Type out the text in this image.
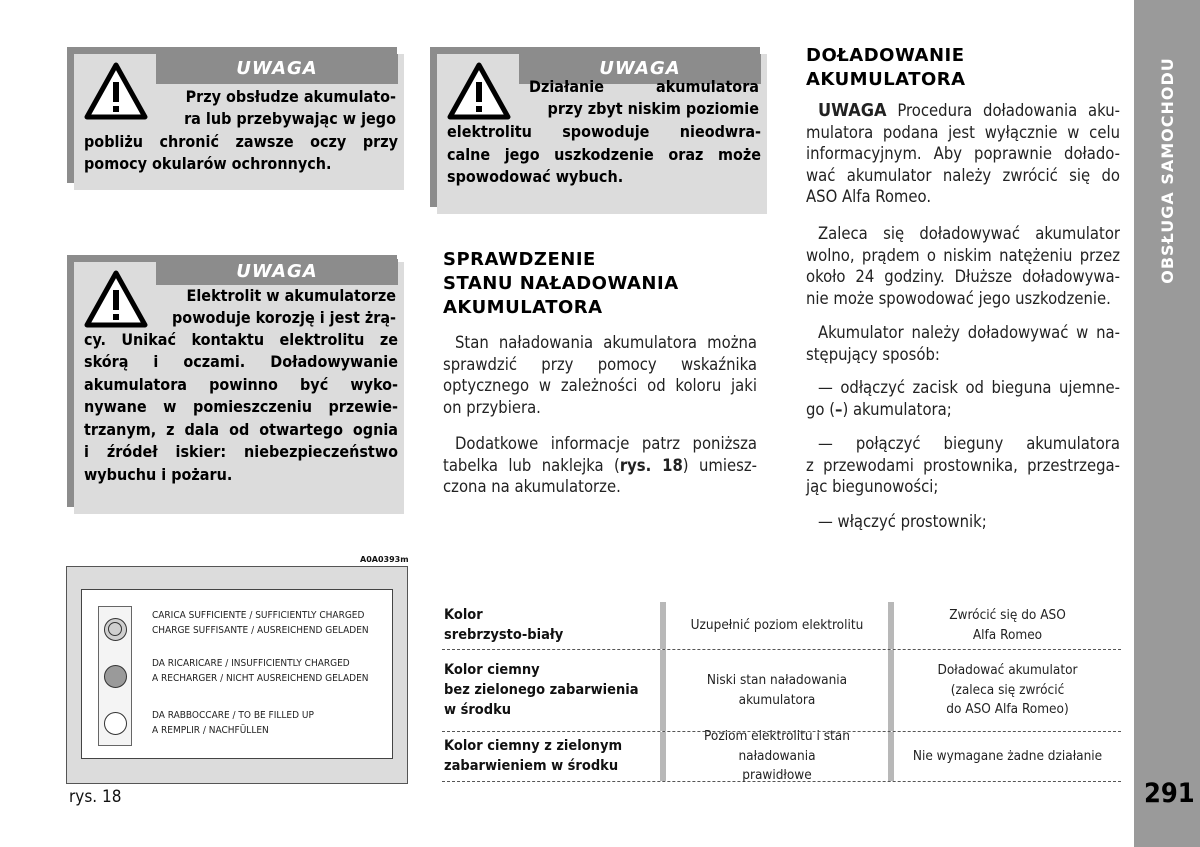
OBSŁUGA SAMOCHODU
291
UWAGA
Przy obsłudze akumulato-
ra lub przebywając w jego
pobliżu chronić zawsze oczy przy
pomocy okularów ochronnych.
UWAGA
Działanie akumulatora
przy zbyt niskim poziomie
elektrolitu spowoduje nieodwra-
calne jego uszkodzenie oraz może
spowodować wybuch.
UWAGA
Elektrolit w akumulatorze
powoduje korozję i jest żrą-
cy. Unikać kontaktu elektrolitu ze
skórą i oczami. Doładowywanie
akumulatora powinno być wyko-
nywane w pomieszczeniu przewie-
trzanym, z dala od otwartego ognia
i źródeł iskier: niebezpieczeństwo
wybuchu i pożaru.
SPRAWDZENIE
STANU NAŁADOWANIA
AKUMULATORA
Stan naładowania akumulatora można
sprawdzić przy pomocy wskaźnika
optycznego w zależności od koloru jaki
on przybiera.
Dodatkowe informacje patrz poniższa
tabelka lub naklejka (rys. 18) umiesz-
czona na akumulatorze.
DOŁADOWANIE
AKUMULATORA
UWAGA Procedura doładowania aku-
mulatora podana jest wyłącznie w celu
informacyjnym. Aby poprawnie dołado-
wać akumulator należy zwrócić się do
ASO Alfa Romeo.
Zaleca się doładowywać akumulator
wolno, prądem o niskim natężeniu przez
około 24 godziny. Dłuższe doładowywa-
nie może spowodować jego uszkodzenie.
Akumulator należy doładowywać w na-
stępujący sposób:
— odłączyć zacisk od bieguna ujemne-
go (–) akumulatora;
— połączyć bieguny akumulatora
z przewodami prostownika, przestrzega-
jąc biegunowości;
— włączyć prostownik;
A0A0393m
CARICA SUFFICIENTE / SUFFICIENTLY CHARGED
CHARGE SUFFISANTE / AUSREICHEND GELADEN
DA RICARICARE / INSUFFICIENTLY CHARGED
A RECHARGER / NICHT AUSREICHEND GELADEN
DA RABBOCCARE / TO BE FILLED UP
A REMPLIR / NACHFÜLLEN
rys. 18
Kolor
srebrzysto-biały
Uzupełnić poziom elektrolitu
Zwrócić się do ASO
Alfa Romeo
Kolor ciemny
bez zielonego zabarwienia
w środku
Niski stan naładowania akumulatora
Doładować akumulator
(zaleca się zwrócić
do ASO Alfa Romeo)
Kolor ciemny z zielonym
zabarwieniem w środku
Poziom elektrolitu i stan naładowania
prawidłowe
Nie wymagane żadne działanie
